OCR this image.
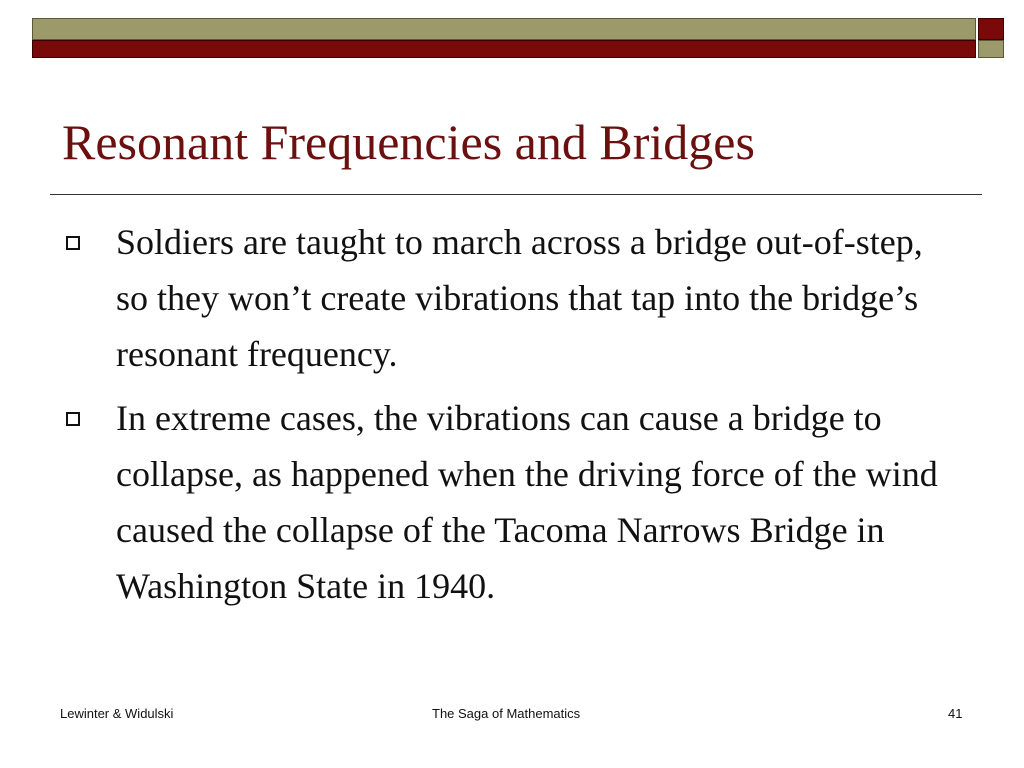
Resonant Frequencies and Bridges
Soldiers are taught to march across a bridge out-of-step, so they won’t create vibrations that tap into the bridge’s resonant frequency.
In extreme cases, the vibrations can cause a bridge to collapse, as happened when the driving force of the wind caused the collapse of the Tacoma Narrows Bridge in Washington State in 1940.
Lewinter & Widulski	The Saga of Mathematics	41
